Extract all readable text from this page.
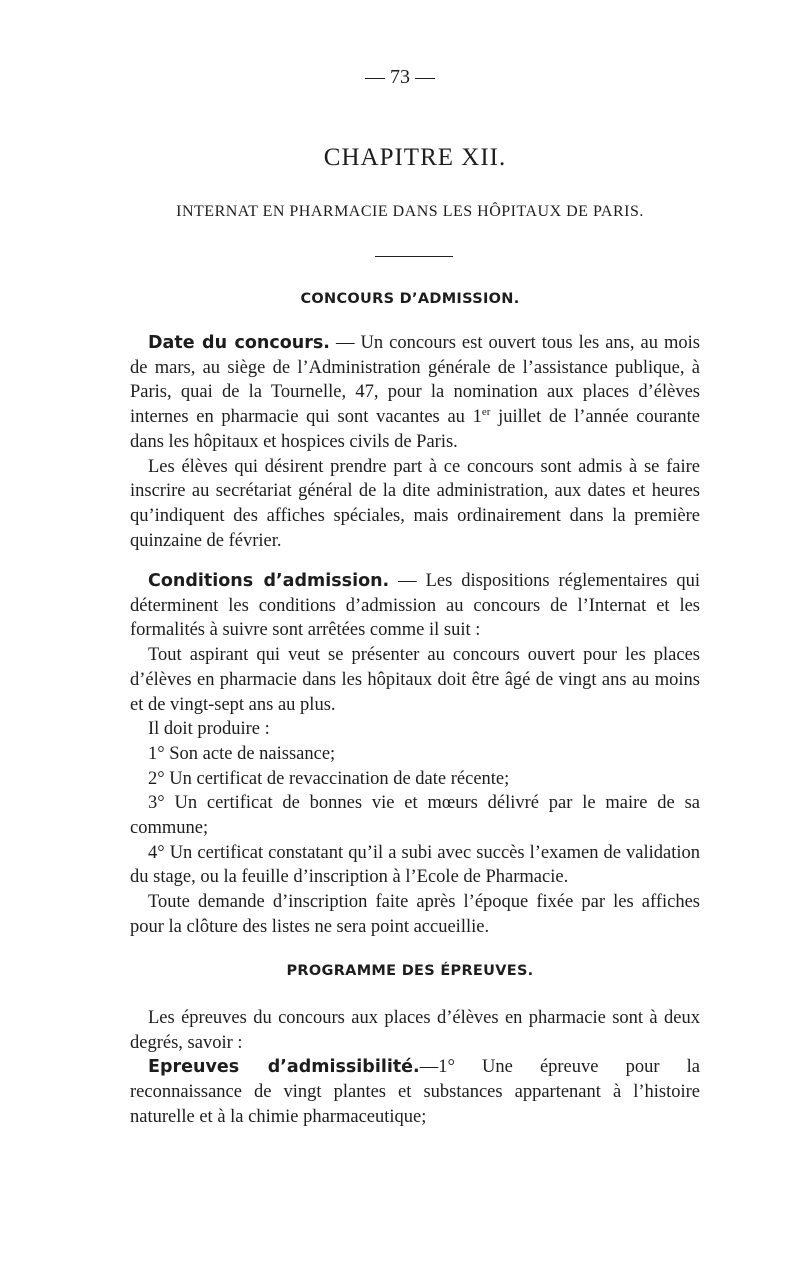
— 73 —
CHAPITRE XII.
INTERNAT EN PHARMACIE DANS LES HÔPITAUX DE PARIS.
CONCOURS D’ADMISSION.

Date du concours. — Un concours est ouvert tous les ans, au mois de mars, au siège de l’Administration générale de l’assistance publique, à Paris, quai de la Tournelle, 47, pour la nomination aux places d’élèves internes en pharmacie qui sont vacantes au 1er juillet de l’année courante dans les hôpitaux et hospices civils de Paris.

Les élèves qui désirent prendre part à ce concours sont admis à se faire inscrire au secrétariat général de la dite administration, aux dates et heures qu’indiquent des affiches spéciales, mais ordinairement dans la première quinzaine de février.

Conditions d’admission. — Les dispositions réglementaires qui déterminent les conditions d’admission au concours de l’Internat et les formalités à suivre sont arrêtées comme il suit :

Tout aspirant qui veut se présenter au concours ouvert pour les places d’élèves en pharmacie dans les hôpitaux doit être âgé de vingt ans au moins et de vingt-sept ans au plus.

Il doit produire :

1° Son acte de naissance;

2° Un certificat de revaccination de date récente;

3° Un certificat de bonnes vie et mœurs délivré par le maire de sa commune;

4° Un certificat constatant qu’il a subi avec succès l’examen de validation du stage, ou la feuille d’inscription à l’Ecole de Pharmacie.

Toute demande d’inscription faite après l’époque fixée par les affiches pour la clôture des listes ne sera point accueillie.

PROGRAMME DES ÉPREUVES.

Les épreuves du concours aux places d’élèves en pharmacie sont à deux degrés, savoir :

Epreuves d’admissibilité.—1° Une épreuve pour la reconnaissance de vingt plantes et substances appartenant à l’histoire naturelle et à la chimie pharmaceutique;
